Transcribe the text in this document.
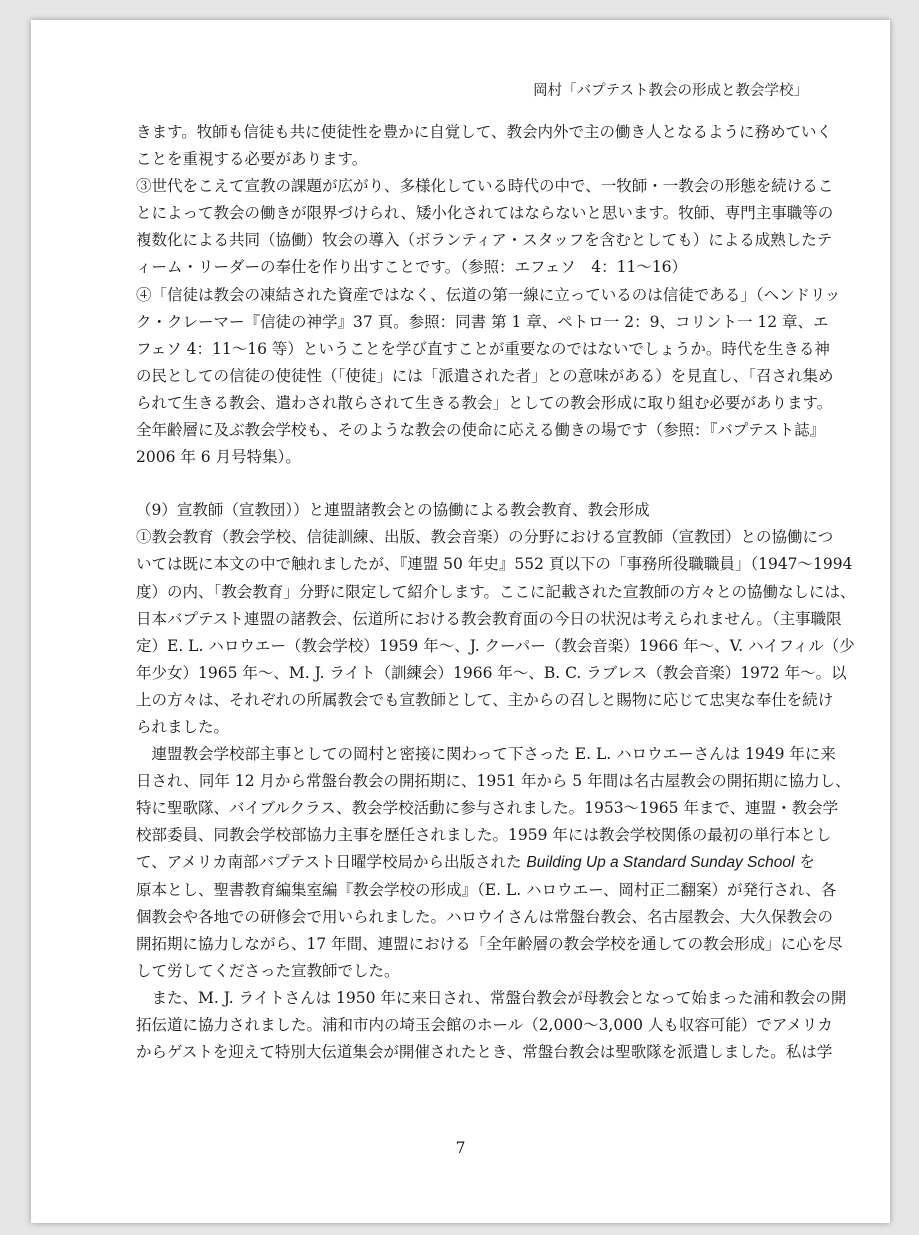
岡村「バプテスト教会の形成と教会学校」
きます。牧師も信徒も共に使徒性を豊かに自覚して、教会内外で主の働き人となるように務めていく
ことを重視する必要があります。
③世代をこえて宣教の課題が広がり、多様化している時代の中で、一牧師・一教会の形態を続けるこ
とによって教会の働きが限界づけられ、矮小化されてはならないと思います。牧師、専門主事職等の
複数化による共同（協働）牧会の導入（ボランティア・スタッフを含むとしても）による成熟したテ
ィーム・リーダーの奉仕を作り出すことです。（参照：エフェソ　4：11〜16）
④「信徒は教会の凍結された資産ではなく、伝道の第一線に立っているのは信徒である」（ヘンドリッ
ク・クレーマー『信徒の神学』37 頁。参照：同書 第 1 章、ペトロ一 2：9、コリント一 12 章、エ
フェソ 4：11〜16 等）ということを学び直すことが重要なのではないでしょうか。時代を生きる神
の民としての信徒の使徒性（「使徒」には「派遣された者」との意味がある）を見直し、「召され集め
られて生きる教会、遣わされ散らされて生きる教会」としての教会形成に取り組む必要があります。
全年齢層に及ぶ教会学校も、そのような教会の使命に応える働きの場です（参照：『バプテスト誌』
2006 年 6 月号特集）。
（9）宣教師（宣教団））と連盟諸教会との協働による教会教育、教会形成
①教会教育（教会学校、信徒訓練、出版、教会音楽）の分野における宣教師（宣教団）との協働につ
いては既に本文の中で触れましたが、『連盟 50 年史』552 頁以下の「事務所役職職員」（1947〜1994
度）の内、「教会教育」分野に限定して紹介します。ここに記載された宣教師の方々との協働なしには、
日本バプテスト連盟の諸教会、伝道所における教会教育面の今日の状況は考えられません。（主事職限
定）E. L. ハロウエー（教会学校）1959 年〜、J. クーパー（教会音楽）1966 年〜、V. ハイフィル（少
年少女）1965 年〜、M. J. ライト（訓練会）1966 年〜、B. C. ラブレス（教会音楽）1972 年〜。以
上の方々は、それぞれの所属教会でも宣教師として、主からの召しと賜物に応じて忠実な奉仕を続け
られました。
　連盟教会学校部主事としての岡村と密接に関わって下さった E. L. ハロウエーさんは 1949 年に来
日され、同年 12 月から常盤台教会の開拓期に、1951 年から 5 年間は名古屋教会の開拓期に協力し、
特に聖歌隊、バイブルクラス、教会学校活動に参与されました。1953〜1965 年まで、連盟・教会学
校部委員、同教会学校部協力主事を歴任されました。1959 年には教会学校関係の最初の単行本とし
て、アメリカ南部バプテスト日曜学校局から出版された Building Up a Standard Sunday School を
原本とし、聖書教育編集室編『教会学校の形成』（E. L. ハロウエー、岡村正二翻案）が発行され、各
個教会や各地での研修会で用いられました。ハロウイさんは常盤台教会、名古屋教会、大久保教会の
開拓期に協力しながら、17 年間、連盟における「全年齢層の教会学校を通しての教会形成」に心を尽
して労してくださった宣教師でした。
　また、M. J. ライトさんは 1950 年に来日され、常盤台教会が母教会となって始まった浦和教会の開
拓伝道に協力されました。浦和市内の埼玉会館のホール（2,000〜3,000 人も収容可能）でアメリカ
からゲストを迎えて特別大伝道集会が開催されたとき、常盤台教会は聖歌隊を派遣しました。私は学
7
